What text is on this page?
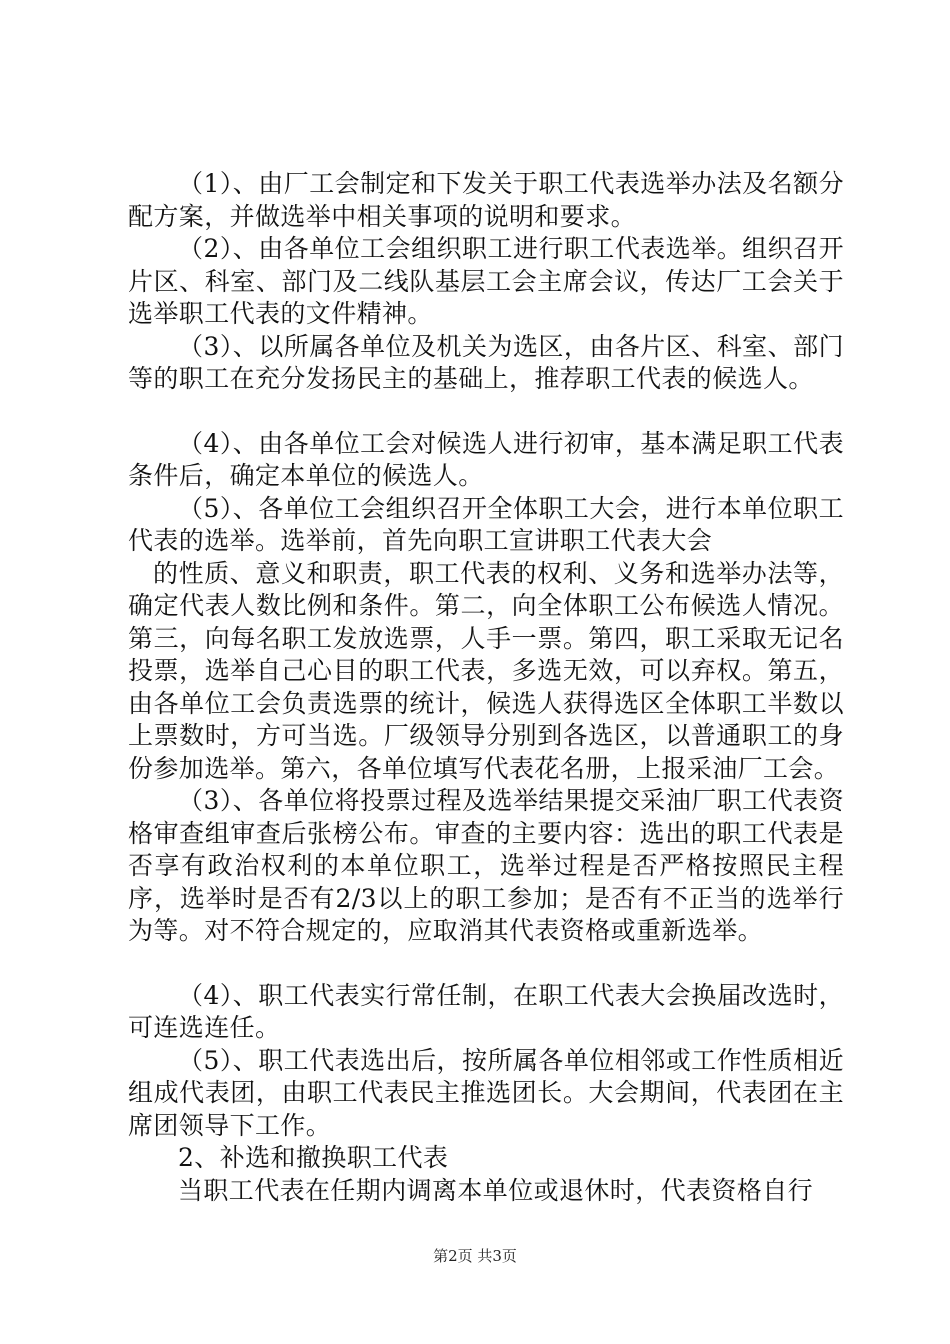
（1）、由厂工会制定和下发关于职工代表选举办法及名额分配方案，并做选举中相关事项的说明和要求。

（2）、由各单位工会组织职工进行职工代表选举。组织召开片区、科室、部门及二线队基层工会主席会议，传达厂工会关于选举职工代表的文件精神。

（3）、以所属各单位及机关为选区，由各片区、科室、部门等的职工在充分发扬民主的基础上，推荐职工代表的候选人。

（4）、由各单位工会对候选人进行初审，基本满足职工代表条件后，确定本单位的候选人。

（5）、各单位工会组织召开全体职工大会，进行本单位职工代表的选举。选举前，首先向职工宣讲职工代表大会

的性质、意义和职责，职工代表的权利、义务和选举办法等，确定代表人数比例和条件。第二，向全体职工公布候选人情况。第三，向每名职工发放选票，人手一票。第四，职工采取无记名投票，选举自己心目的职工代表，多选无效，可以弃权。第五，由各单位工会负责选票的统计，候选人获得选区全体职工半数以上票数时，方可当选。厂级领导分别到各选区，以普通职工的身份参加选举。第六，各单位填写代表花名册，上报采油厂工会。

（3）、各单位将投票过程及选举结果提交采油厂职工代表资格审查组审查后张榜公布。审查的主要内容：选出的职工代表是否享有政治权利的本单位职工，选举过程是否严格按照民主程序，选举时是否有2/3以上的职工参加；是否有不正当的选举行为等。对不符合规定的，应取消其代表资格或重新选举。

（4）、职工代表实行常任制，在职工代表大会换届改选时，可连选连任。

（5）、职工代表选出后，按所属各单位相邻或工作性质相近组成代表团，由职工代表民主推选团长。大会期间，代表团在主席团领导下工作。

2、补选和撤换职工代表

当职工代表在任期内调离本单位或退休时，代表资格自行

第2页 共3页
